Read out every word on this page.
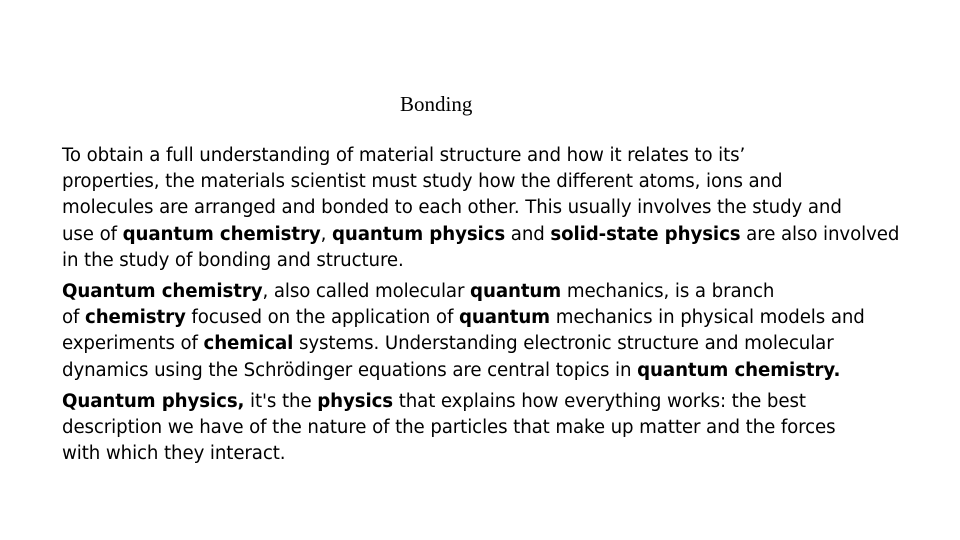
Bonding

To obtain a full understanding of material structure and how it relates to its’
properties, the materials scientist must study how the different atoms, ions and
molecules are arranged and bonded to each other. This usually involves the study and
use of quantum chemistry, quantum physics and solid-state physics are also involved
in the study of bonding and structure.

Quantum chemistry, also called molecular quantum mechanics, is a branch
of chemistry focused on the application of quantum mechanics in physical models and
experiments of chemical systems. Understanding electronic structure and molecular
dynamics using the Schrödinger equations are central topics in quantum chemistry.

Quantum physics, it's the physics that explains how everything works: the best
description we have of the nature of the particles that make up matter and the forces
with which they interact.
